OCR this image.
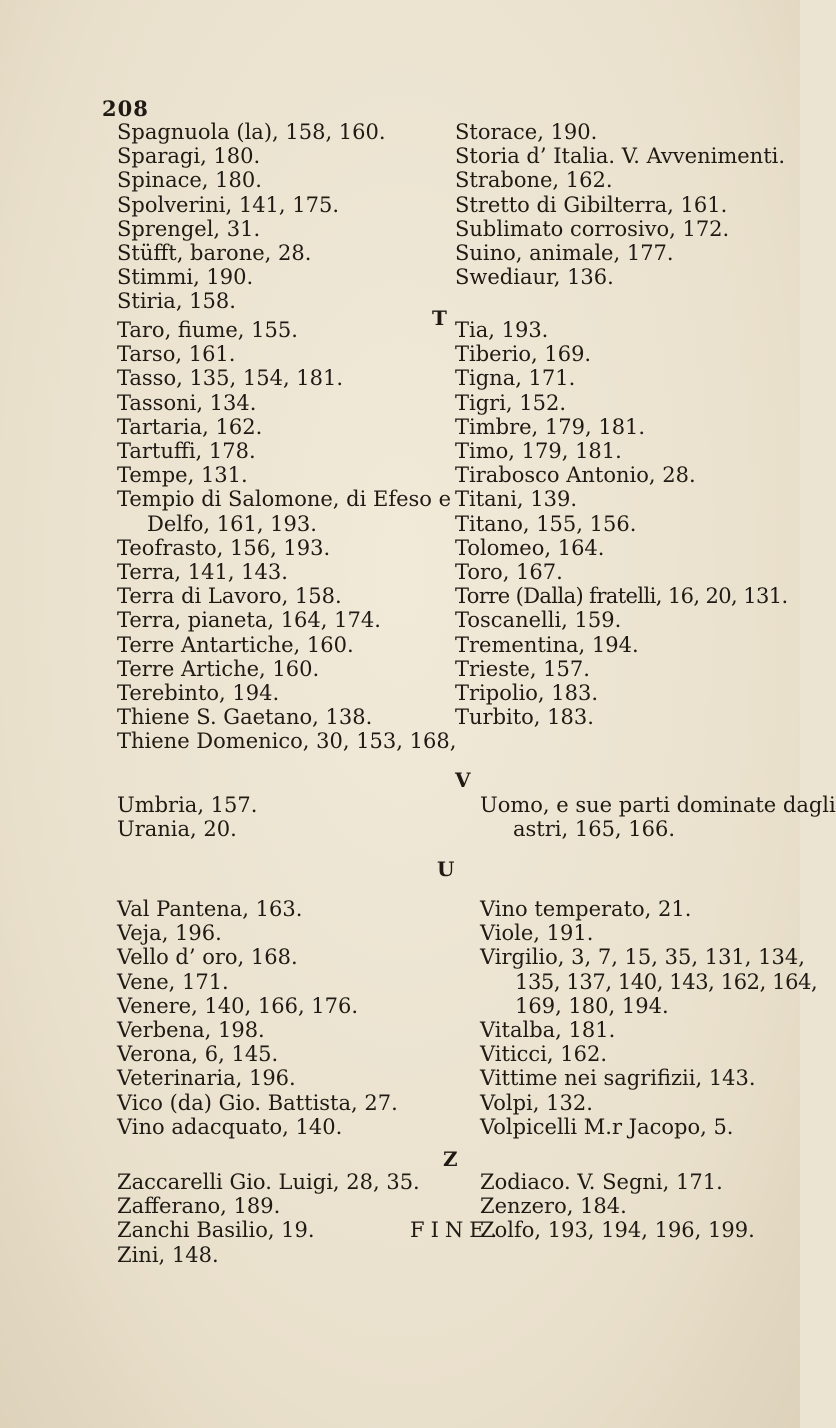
208
Spagnuola (la), 158, 160.
Sparagi, 180.
Spinace, 180.
Spolverini, 141, 175.
Sprengel, 31.
Stüfft, barone, 28.
Stimmi, 190.
Stiria, 158.
Storace, 190.
Storia d’ Italia. V. Avvenimenti.
Strabone, 162.
Stretto di Gibilterra, 161.
Sublimato corrosivo, 172.
Suino, animale, 177.
Swediaur, 136.
T
Taro, fiume, 155.
Tarso, 161.
Tasso, 135, 154, 181.
Tassoni, 134.
Tartaria, 162.
Tartuffi, 178.
Tempe, 131.
Tempio di Salomone, di Efeso e
Delfo, 161, 193.
Teofrasto, 156, 193.
Terra, 141, 143.
Terra di Lavoro, 158.
Terra, pianeta, 164, 174.
Terre Antartiche, 160.
Terre Artiche, 160.
Terebinto, 194.
Thiene S. Gaetano, 138.
Thiene Domenico, 30, 153, 168,
Tia, 193.
Tiberio, 169.
Tigna, 171.
Tigri, 152.
Timbre, 179, 181.
Timo, 179, 181.
Tirabosco Antonio, 28.
Titani, 139.
Titano, 155, 156.
Tolomeo, 164.
Toro, 167.
Torre (Dalla) fratelli, 16, 20, 131.
Toscanelli, 159.
Trementina, 194.
Trieste, 157.
Tripolio, 183.
Turbito, 183.
V
Umbria, 157.
Urania, 20.
Uomo, e sue parti dominate dagli
astri, 165, 166.
U
Val Pantena, 163.
Veja, 196.
Vello d’ oro, 168.
Vene, 171.
Venere, 140, 166, 176.
Verbena, 198.
Verona, 6, 145.
Veterinaria, 196.
Vico (da) Gio. Battista, 27.
Vino adacquato, 140.
Vino temperato, 21.
Viole, 191.
Virgilio, 3, 7, 15, 35, 131, 134,
135, 137, 140, 143, 162, 164,
169, 180, 194.
Vitalba, 181.
Viticci, 162.
Vittime nei sagrifizii, 143.
Volpi, 132.
Volpicelli M.r Jacopo, 5.
Z
Zaccarelli Gio. Luigi, 28, 35.
Zafferano, 189.
Zanchi Basilio, 19.
Zini, 148.
Zodiaco. V. Segni, 171.
Zenzero, 184.
Zolfo, 193, 194, 196, 199.
FINE.
